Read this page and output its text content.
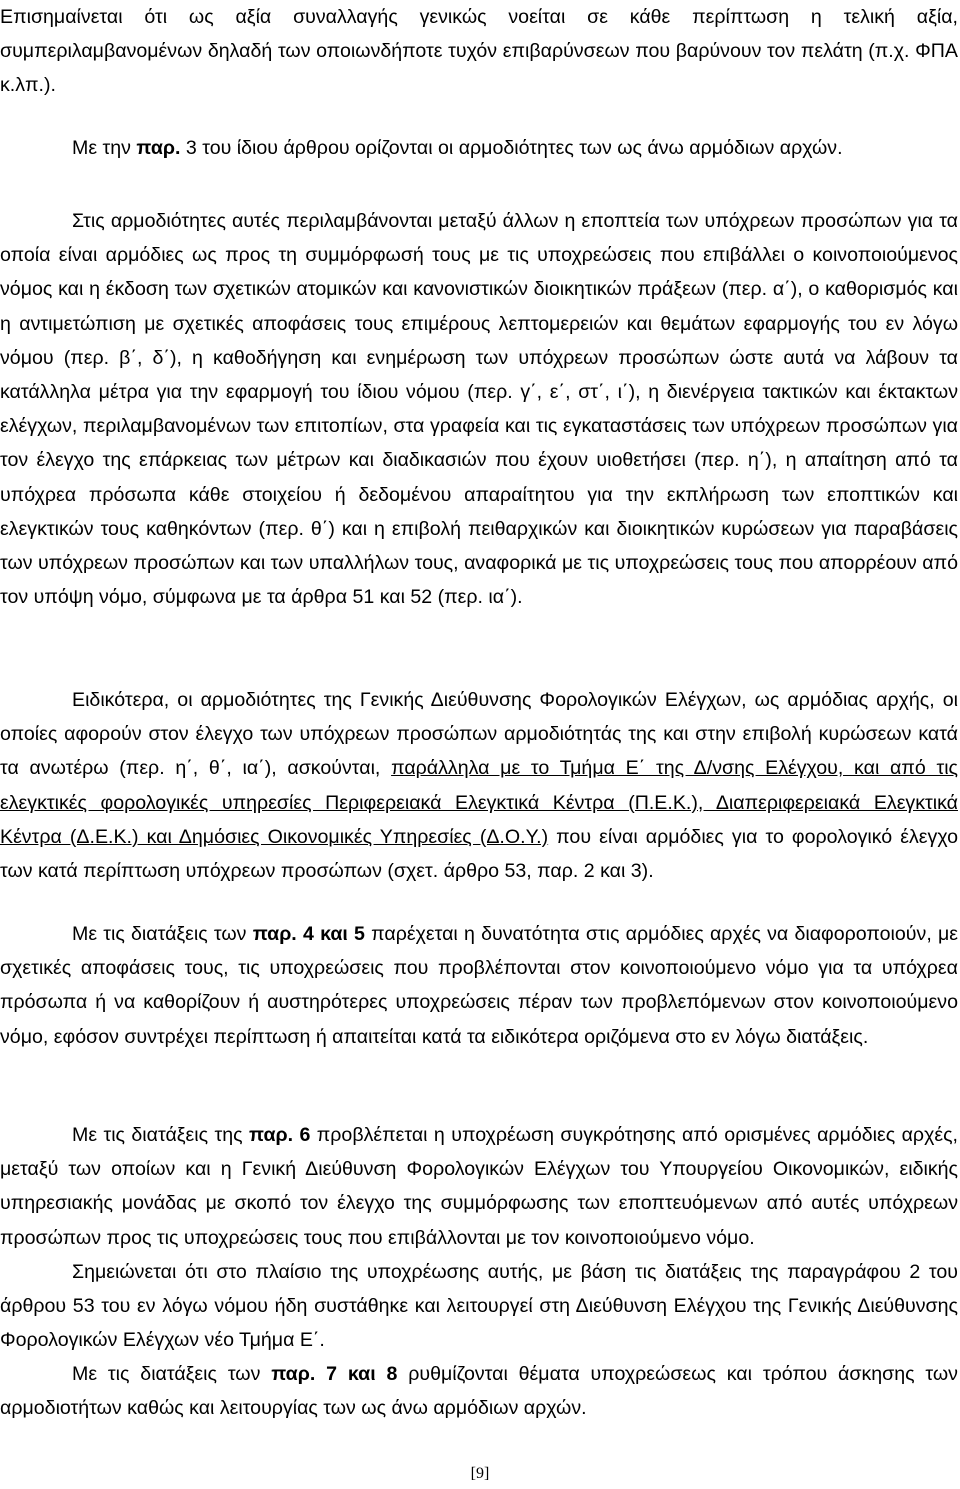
Επισημαίνεται ότι ως αξία συναλλαγής γενικώς νοείται σε κάθε περίπτωση η τελική αξία, συμπεριλαμβανομένων δηλαδή των οποιωνδήποτε τυχόν επιβαρύνσεων που βαρύνουν τον πελάτη (π.χ. ΦΠΑ κ.λπ.).

Με την παρ. 3 του ίδιου άρθρου ορίζονται οι αρμοδιότητες των ως άνω αρμόδιων αρχών.

Στις αρμοδιότητες αυτές περιλαμβάνονται μεταξύ άλλων η εποπτεία των υπόχρεων προσώπων για τα οποία είναι αρμόδιες ως προς τη συμμόρφωσή τους με τις υποχρεώσεις που επιβάλλει ο κοινοποιούμενος νόμος και η έκδοση των σχετικών ατομικών και κανονιστικών διοικητικών πράξεων (περ. α΄), ο καθορισμός και η αντιμετώπιση με σχετικές αποφάσεις τους επιμέρους λεπτομερειών και θεμάτων εφαρμογής του εν λόγω νόμου (περ. β΄, δ΄), η καθοδήγηση και ενημέρωση των υπόχρεων προσώπων ώστε αυτά να λάβουν τα κατάλληλα μέτρα για την εφαρμογή του ίδιου νόμου (περ. γ΄, ε΄, στ΄, ι΄), η διενέργεια τακτικών και έκτακτων ελέγχων, περιλαμβανομένων των επιτοπίων, στα γραφεία και τις εγκαταστάσεις των υπόχρεων προσώπων για τον έλεγχο της επάρκειας των μέτρων και διαδικασιών που έχουν υιοθετήσει (περ. η΄), η απαίτηση από τα υπόχρεα πρόσωπα κάθε στοιχείου ή δεδομένου απαραίτητου για την εκπλήρωση των εποπτικών και ελεγκτικών τους καθηκόντων (περ. θ΄) και η επιβολή πειθαρχικών και διοικητικών κυρώσεων για παραβάσεις των υπόχρεων προσώπων και των υπαλλήλων τους, αναφορικά με τις υποχρεώσεις τους που απορρέουν από τον υπόψη νόμο, σύμφωνα με τα άρθρα 51 και 52 (περ. ια΄).

Ειδικότερα, οι αρμοδιότητες της Γενικής Διεύθυνσης Φορολογικών Ελέγχων, ως αρμόδιας αρχής, οι οποίες αφορούν στον έλεγχο των υπόχρεων προσώπων αρμοδιότητάς της και στην επιβολή κυρώσεων κατά τα ανωτέρω (περ. η΄, θ΄, ια΄), ασκούνται, παράλληλα με το Τμήμα Ε΄ της Δ/νσης Ελέγχου, και από τις ελεγκτικές φορολογικές υπηρεσίες Περιφερειακά Ελεγκτικά Κέντρα (Π.Ε.Κ.), Διαπεριφερειακά Ελεγκτικά Κέντρα (Δ.Ε.Κ.) και Δημόσιες Οικονομικές Υπηρεσίες (Δ.Ο.Υ.) που είναι αρμόδιες για το φορολογικό έλεγχο των κατά περίπτωση υπόχρεων προσώπων (σχετ. άρθρο 53, παρ. 2 και 3).

Με τις διατάξεις των παρ. 4 και 5 παρέχεται η δυνατότητα στις αρμόδιες αρχές να διαφοροποιούν, με σχετικές αποφάσεις τους, τις υποχρεώσεις που προβλέπονται στον κοινοποιούμενο νόμο για τα υπόχρεα πρόσωπα ή να καθορίζουν ή αυστηρότερες υποχρεώσεις πέραν των προβλεπόμενων στον κοινοποιούμενο νόμο, εφόσον συντρέχει περίπτωση ή απαιτείται κατά τα ειδικότερα οριζόμενα στο εν λόγω διατάξεις.

Με τις διατάξεις της παρ. 6 προβλέπεται η υποχρέωση συγκρότησης από ορισμένες αρμόδιες αρχές, μεταξύ των οποίων και η Γενική Διεύθυνση Φορολογικών Ελέγχων του Υπουργείου Οικονομικών, ειδικής υπηρεσιακής μονάδας με σκοπό τον έλεγχο της συμμόρφωσης των εποπτευόμενων από αυτές υπόχρεων προσώπων προς τις υποχρεώσεις τους που επιβάλλονται με τον κοινοποιούμενο νόμο.

Σημειώνεται ότι στο πλαίσιο της υποχρέωσης αυτής, με βάση τις διατάξεις της παραγράφου 2 του άρθρου 53 του εν λόγω νόμου ήδη συστάθηκε και λειτουργεί στη Διεύθυνση Ελέγχου της Γενικής Διεύθυνσης Φορολογικών Ελέγχων νέο Τμήμα Ε΄.

Με τις διατάξεις των παρ. 7 και 8 ρυθμίζονται θέματα υποχρεώσεως και τρόπου άσκησης των αρμοδιοτήτων καθώς και λειτουργίας των ως άνω αρμόδιων αρχών.

[9]
